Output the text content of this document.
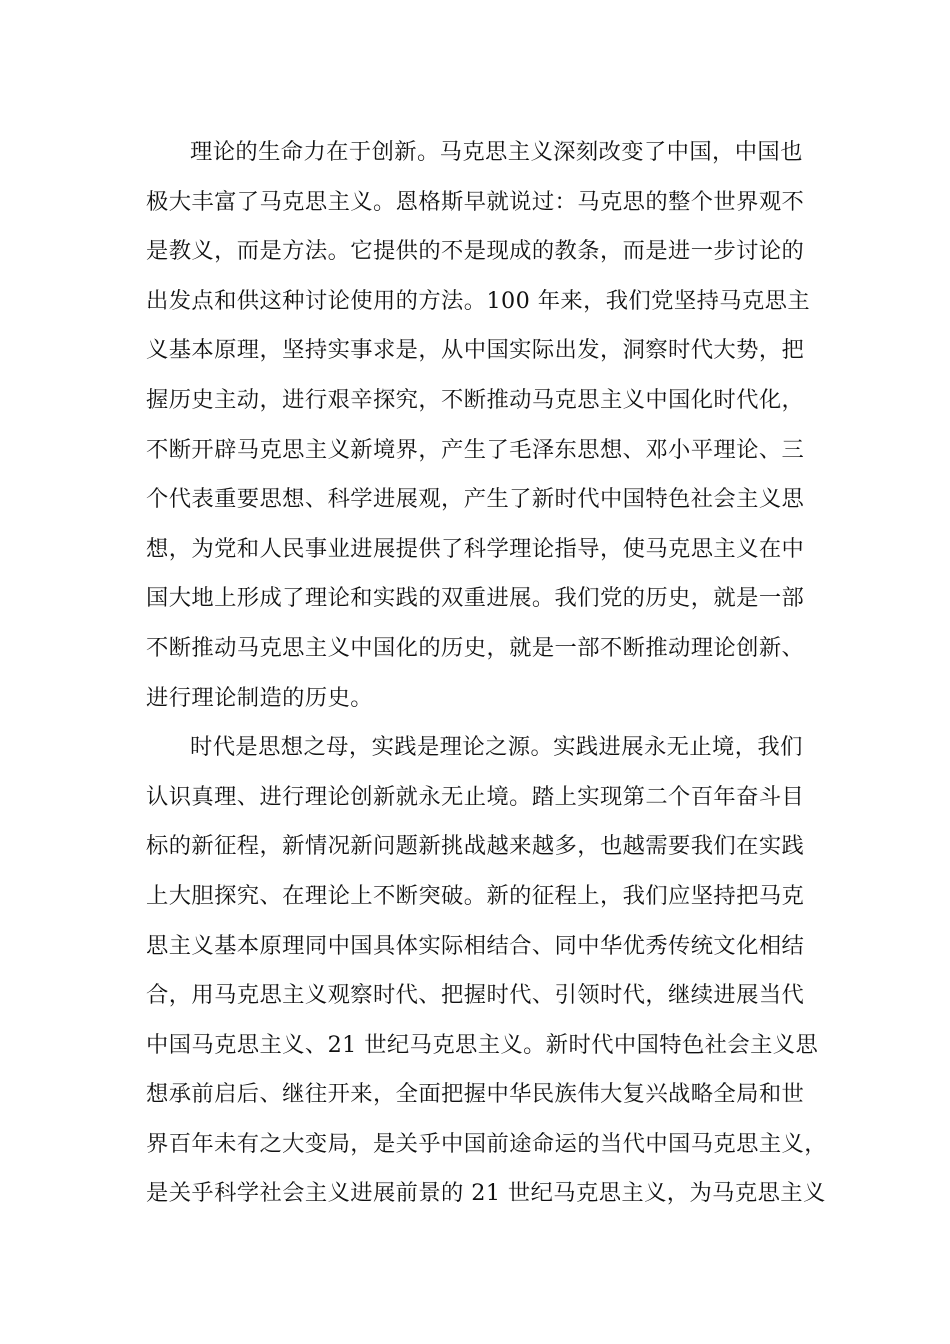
理论的生命力在于创新。马克思主义深刻改变了中国，中国也
极大丰富了马克思主义。恩格斯早就说过：马克思的整个世界观不
是教义，而是方法。它提供的不是现成的教条，而是进一步讨论的
出发点和供这种讨论使用的方法。100 年来，我们党坚持马克思主
义基本原理，坚持实事求是，从中国实际出发，洞察时代大势，把
握历史主动，进行艰辛探究，不断推动马克思主义中国化时代化，
不断开辟马克思主义新境界，产生了毛泽东思想、邓小平理论、三
个代表重要思想、科学进展观，产生了新时代中国特色社会主义思
想，为党和人民事业进展提供了科学理论指导，使马克思主义在中
国大地上形成了理论和实践的双重进展。我们党的历史，就是一部
不断推动马克思主义中国化的历史，就是一部不断推动理论创新、
进行理论制造的历史。
时代是思想之母，实践是理论之源。实践进展永无止境，我们
认识真理、进行理论创新就永无止境。踏上实现第二个百年奋斗目
标的新征程，新情况新问题新挑战越来越多，也越需要我们在实践
上大胆探究、在理论上不断突破。新的征程上，我们应坚持把马克
思主义基本原理同中国具体实际相结合、同中华优秀传统文化相结
合，用马克思主义观察时代、把握时代、引领时代，继续进展当代
中国马克思主义、21 世纪马克思主义。新时代中国特色社会主义思
想承前启后、继往开来，全面把握中华民族伟大复兴战略全局和世
界百年未有之大变局，是关乎中国前途命运的当代中国马克思主义，
是关乎科学社会主义进展前景的 21 世纪马克思主义，为马克思主义
